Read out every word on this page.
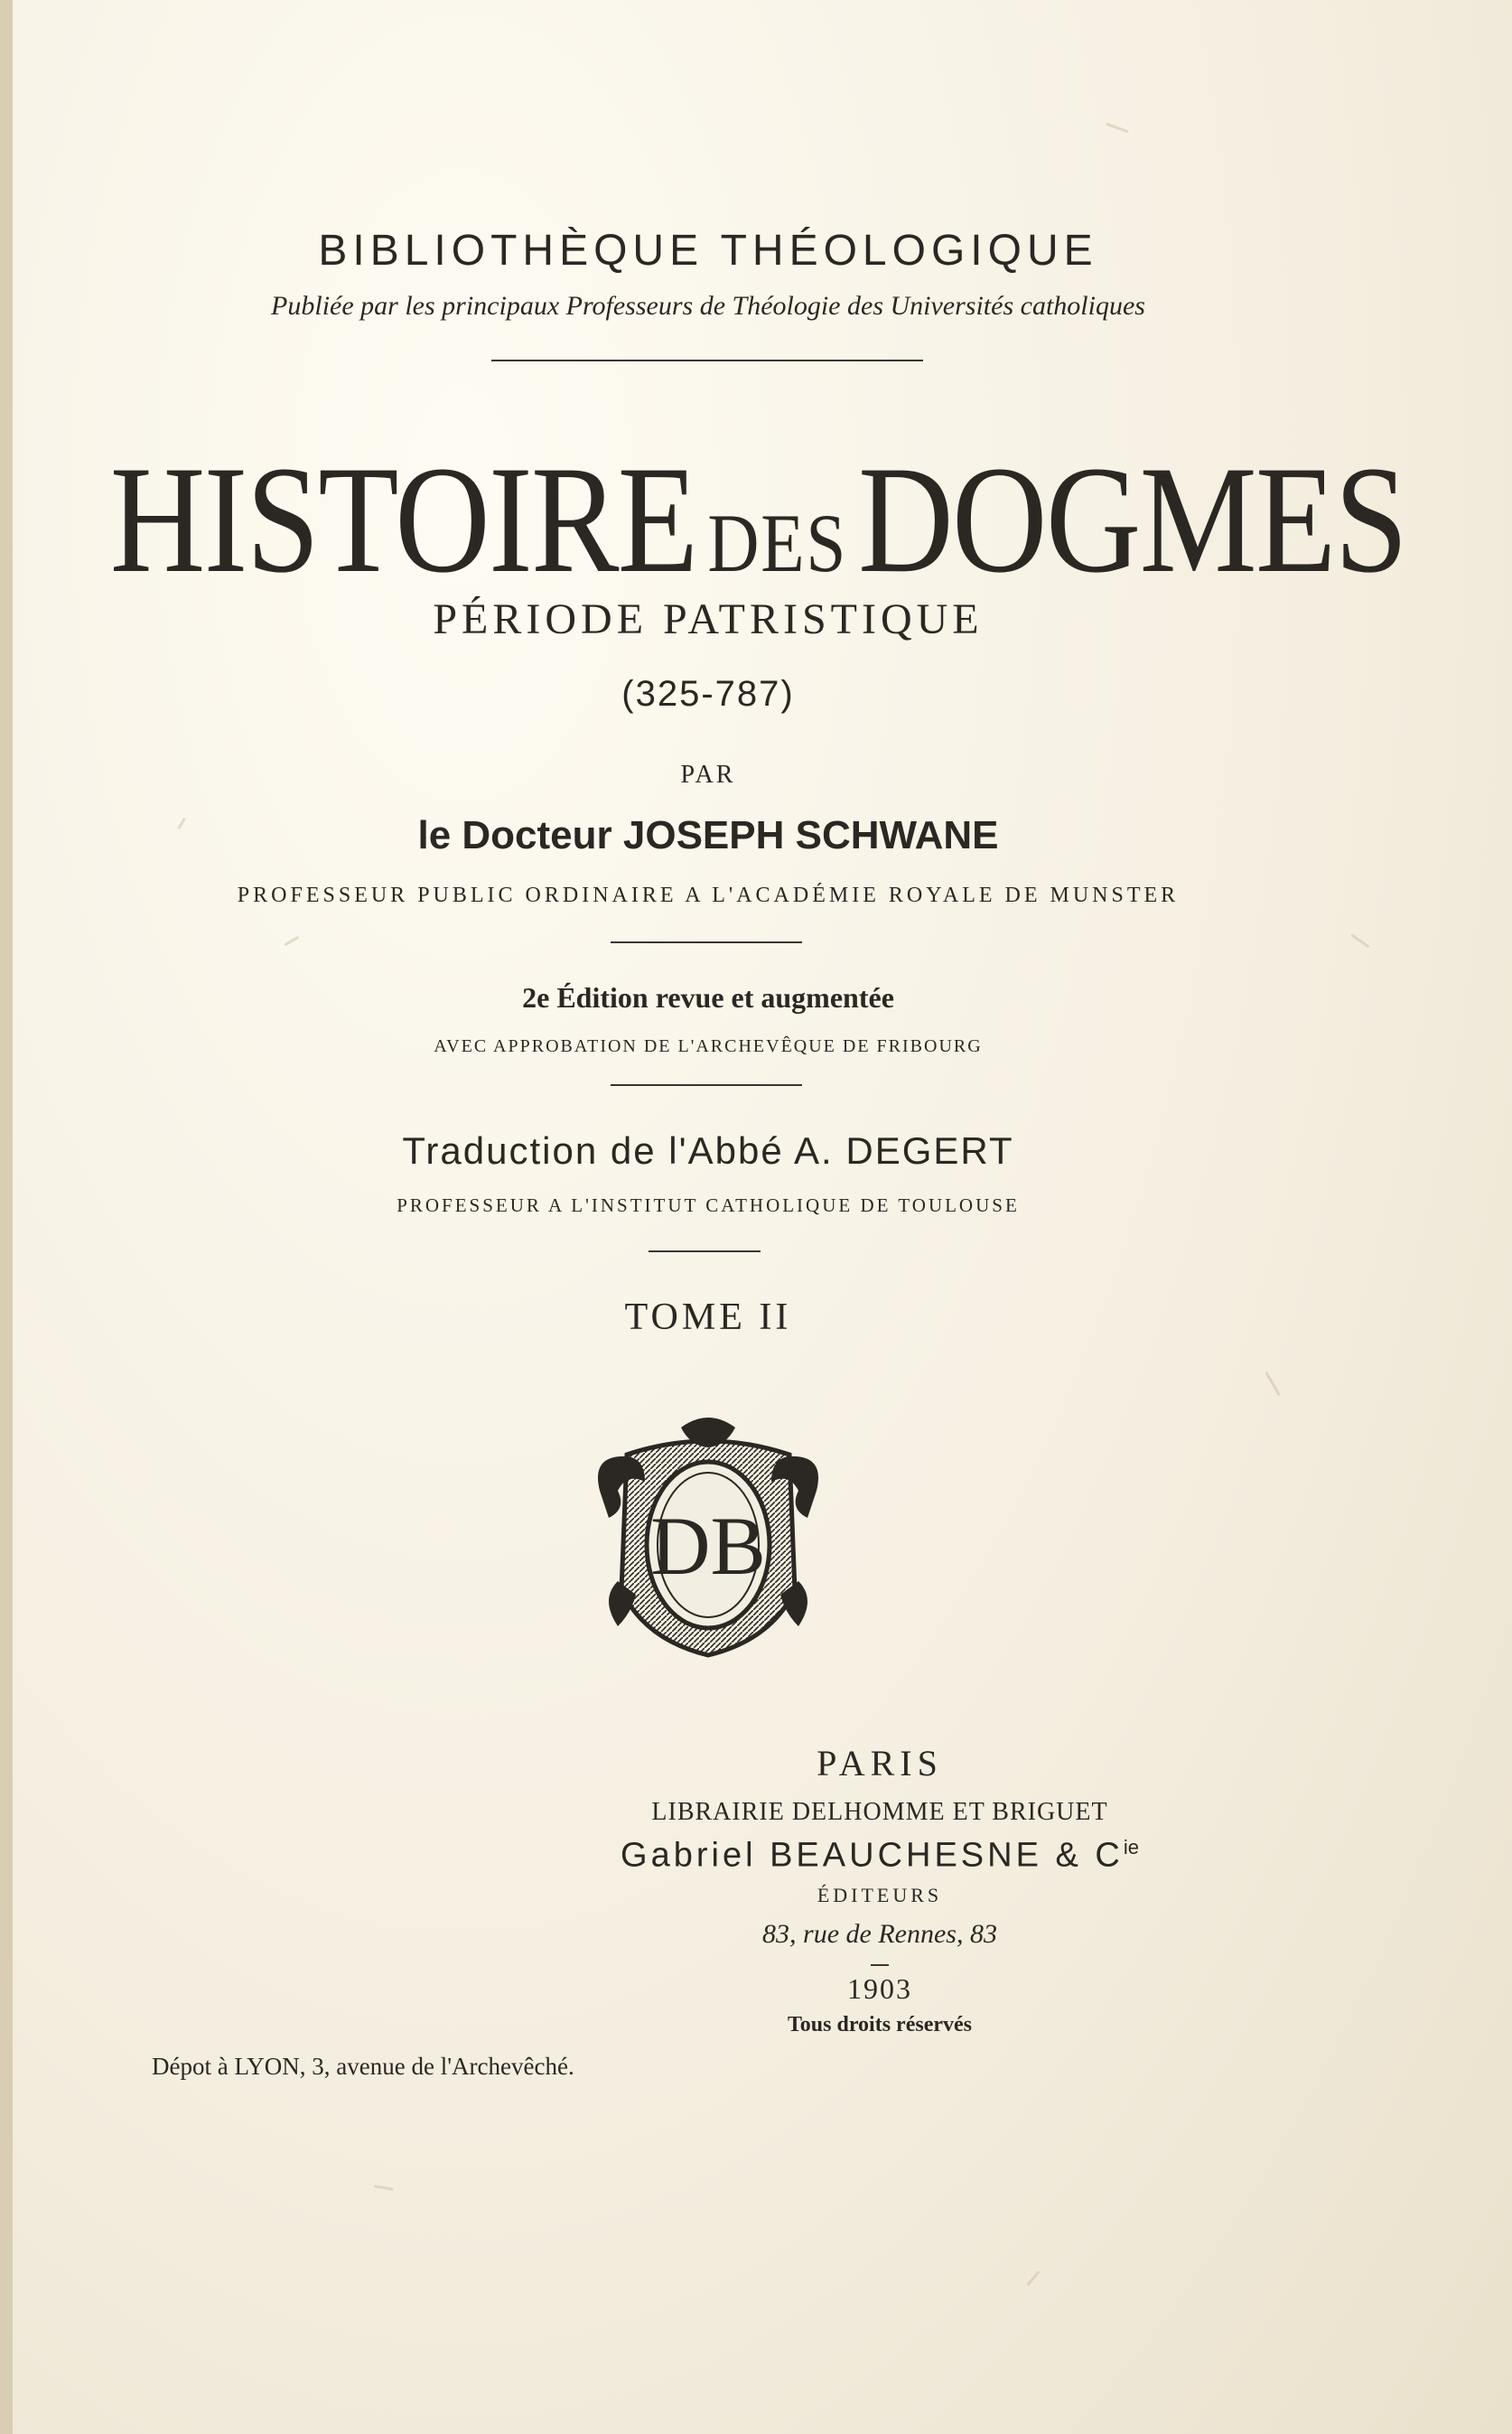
BIBLIOTHÈQUE THÉOLOGIQUE
Publiée par les principaux Professeurs de Théologie des Universités catholiques
HISTOIRE DESDOGMES
PÉRIODE PATRISTIQUE
(325-787)
PAR
le Docteur JOSEPH SCHWANE
PROFESSEUR PUBLIC ORDINAIRE A L'ACADÉMIE ROYALE DE MUNSTER
2e Édition revue et augmentée
AVEC APPROBATION DE L'ARCHEVÊQUE DE FRIBOURG
Traduction de l'Abbé A. DEGERT
PROFESSEUR A L'INSTITUT CATHOLIQUE DE TOULOUSE
TOME II
DB
PARIS
LIBRAIRIE DELHOMME ET BRIGUET
Gabriel BEAUCHESNE & $C^{ie}$
ÉDITEURS
83, rue de Rennes, 83
1903
Tous droits réservés
Dépot à LYON, 3, avenue de l'Archevêché.
